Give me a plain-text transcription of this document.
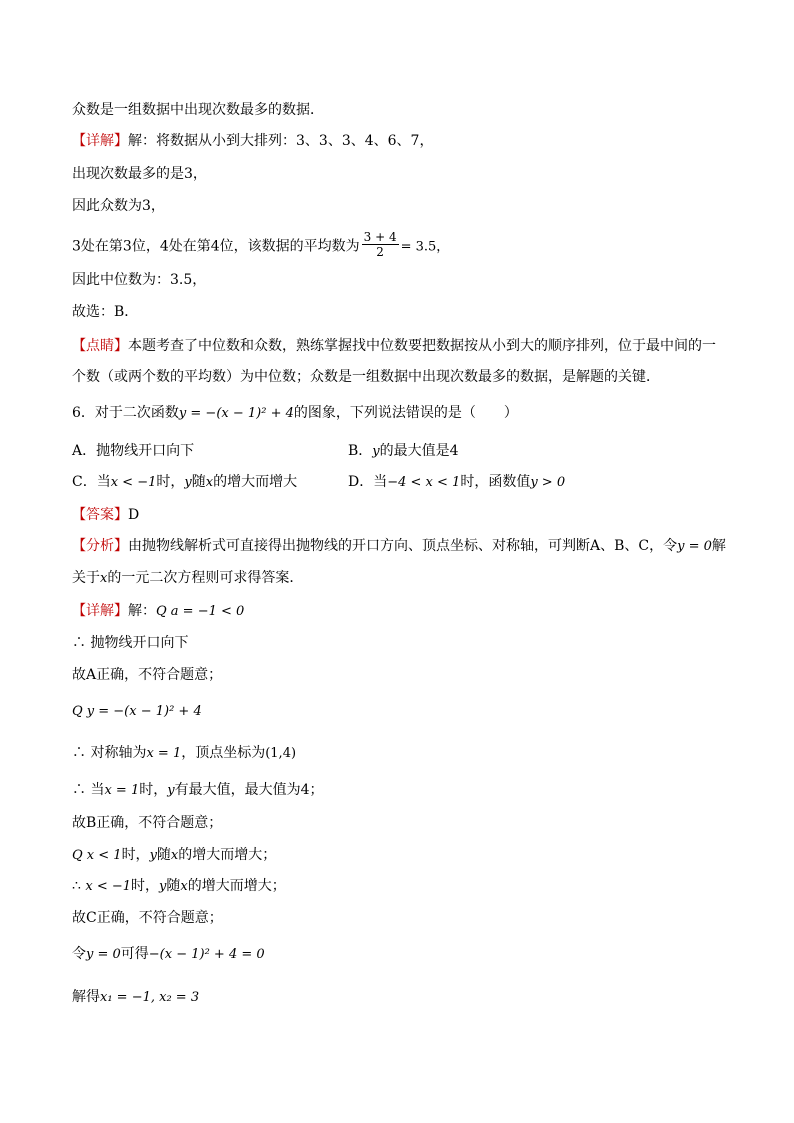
众数是一组数据中出现次数最多的数据．
【详解】解：将数据从小到大排列：3、3、3、4、6、7，
出现次数最多的是3，
因此众数为3，
3处在第3位，4处在第4位，该数据的平均数为 $\frac{3 + 4}{2} = 3.5$，
因此中位数为：3.5，
故选：B．
【点睛】本题考查了中位数和众数，熟练掌握找中位数要把数据按从小到大的顺序排列，位于最中间的一
个数（或两个数的平均数）为中位数；众数是一组数据中出现次数最多的数据，是解题的关键．
6．对于二次函数y = −(x − 1)² + 4的图象，下列说法错误的是（　　）
A．抛物线开口向下	B．y的最大值是4
C．当x < −1时，y随x的增大而增大	D．当−4 < x < 1时，函数值y > 0
【答案】D
【分析】由抛物线解析式可直接得出抛物线的开口方向、顶点坐标、对称轴，可判断A、B、C，令y = 0解
关于x的一元二次方程则可求得答案．
【详解】解：Q a = −1 < 0
∴ 抛物线开口向下
故A正确，不符合题意；
Q y = −(x − 1)² + 4
∴ 对称轴为x = 1，顶点坐标为(1,4)
∴ 当x = 1时，y有最大值，最大值为4；
故B正确，不符合题意；
Q x < 1时，y随x的增大而增大；
∴ x < −1时，y随x的增大而增大；
故C正确，不符合题意；
令y = 0可得−(x − 1)² + 4 = 0
解得x₁ = −1, x₂ = 3
